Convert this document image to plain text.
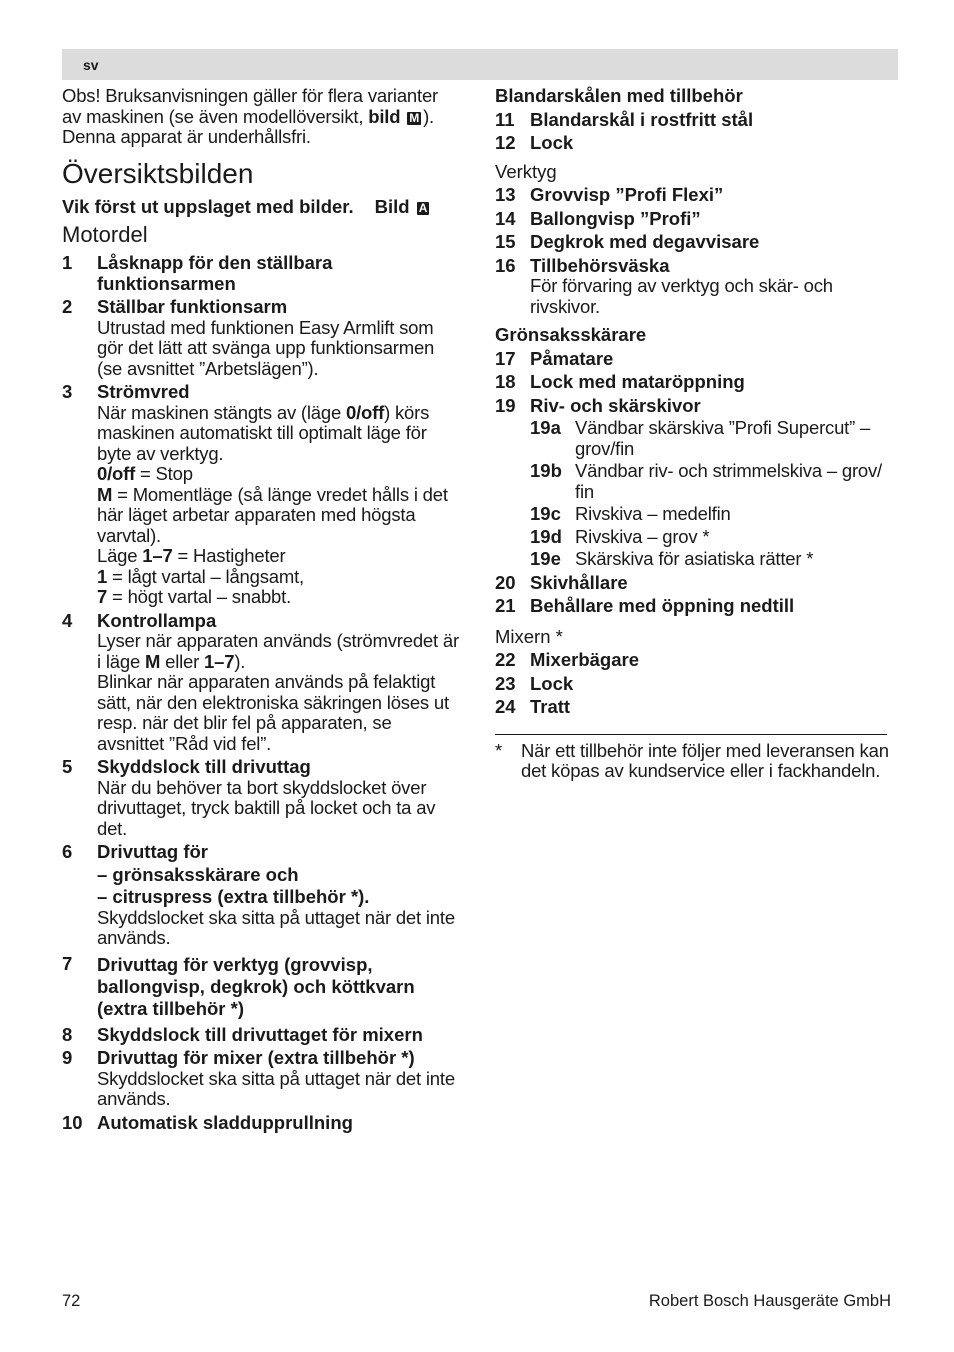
sv

Obs! Bruksanvisningen gäller för flera varianter av maskinen (se även modellöversikt, bild M ). Denna apparat är underhållsfri.

Översiktsbilden
Vik först ut uppslaget med bilder. Bild A
Motordel
1	Låsknapp för den ställbara funktionsarmen
2	Ställbar funktionsarm

Utrustad med funktionen Easy Armlift som gör det lätt att svänga upp funktionsarmen (se avsnittet ”Arbetslägen”).

3	Strömvred

När maskinen stängts av (läge 0/off) körs maskinen automatiskt till optimalt läge för byte av verktyg.

0/off = Stop

M = Momentläge (så länge vredet hålls i det här läget arbetar apparaten med högsta varvtal).

Läge 1–7 = Hastigheter

1 = lågt vartal – långsamt,

7 = högt vartal – snabbt.

4	Kontrollampa

Lyser när apparaten används (strömvredet är i läge M eller 1–7).

Blinkar när apparaten används på felaktigt sätt, när den elektroniska säkringen löses ut resp. när det blir fel på apparaten, se avsnittet ”Råd vid fel”.

5	Skyddslock till drivuttag

När du behöver ta bort skyddslocket över drivuttaget, tryck baktill på locket och ta av det.

6	Drivuttag för
– grönsaksskärare och
– citruspress (extra tillbehör *).

Skyddslocket ska sitta på uttaget när det inte används.

7	Drivuttag för verktyg (grovvisp, ballongvisp, degkrok) och köttkvarn (extra tillbehör *)
8	Skyddslock till drivuttaget för mixern
9	Drivuttag för mixer (extra tillbehör *)

Skyddslocket ska sitta på uttaget när det inte används.

10 Automatisk sladdupprullning
Blandarskålen med tillbehör
11 Blandarskål i rostfritt stål
12 Lock
Verktyg
13 Grovvisp ”Profi Flexi”
14 Ballongvisp ”Profi”
15 Degkrok med degavvisare
16 Tillbehörsväska

För förvaring av verktyg och skär- och rivskivor.

Grönsaksskärare
17 Påmatare
18 Lock med mataröppning
19 Riv- och skärskivor
19a Vändbar skärskiva ”Profi Supercut” – grov/fin
19b Vändbar riv- och strimmelskiva – grov/ fin
19c Rivskiva – medelfin
19d Rivskiva – grov *
19e Skärskiva för asiatiska rätter *
20 Skivhållare
21 Behållare med öppning nedtill
Mixern *
22 Mixerbägare
23 Lock
24 Tratt
*	När ett tillbehör inte följer med leveransen kan det köpas av kundservice eller i fackhandeln.
72	Robert Bosch Hausgeräte GmbH
